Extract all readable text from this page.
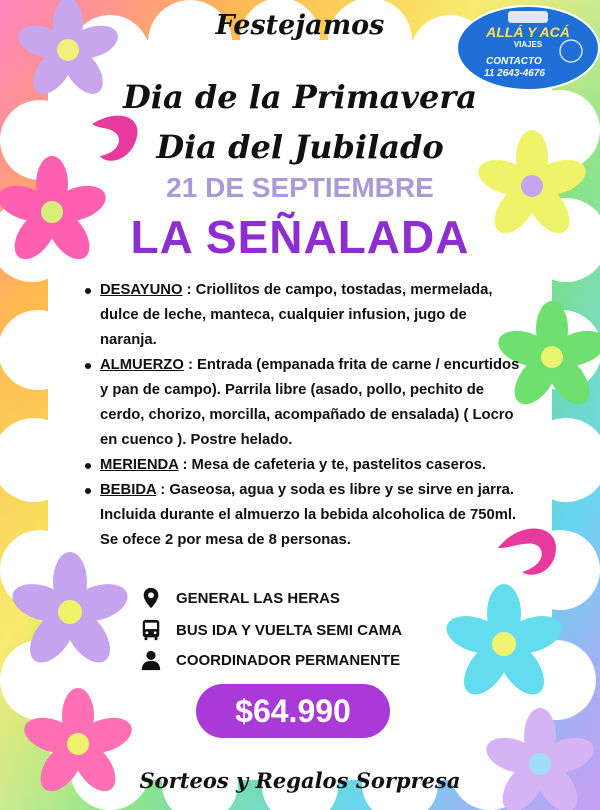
ALLÁ Y ACÁ
VIAJES
CONTACTO
11 2643-4676
Festejamos
Dia de la Primavera
Dia del Jubilado
21 DE SEPTIEMBRE
LA SEÑALADA
DESAYUNO : Criollitos de campo, tostadas, mermelada, dulce de leche, manteca, cualquier infusion, jugo de naranja.
ALMUERZO : Entrada (empanada frita de carne / encurtidos y pan de campo). Parrila libre (asado, pollo, pechito de cerdo, chorizo, morcilla, acompañado de ensalada) ( Locro en cuenco ). Postre helado.
MERIENDA : Mesa de cafeteria y te, pastelitos caseros.
BEBIDA : Gaseosa, agua y soda es libre y se sirve en jarra. Incluida durante el almuerzo la bebida alcoholica de 750ml. Se ofece 2 por mesa de 8 personas.
GENERAL LAS HERAS
BUS IDA Y VUELTA SEMI CAMA
COORDINADOR PERMANENTE
$64.990
Sorteos y Regalos Sorpresa
